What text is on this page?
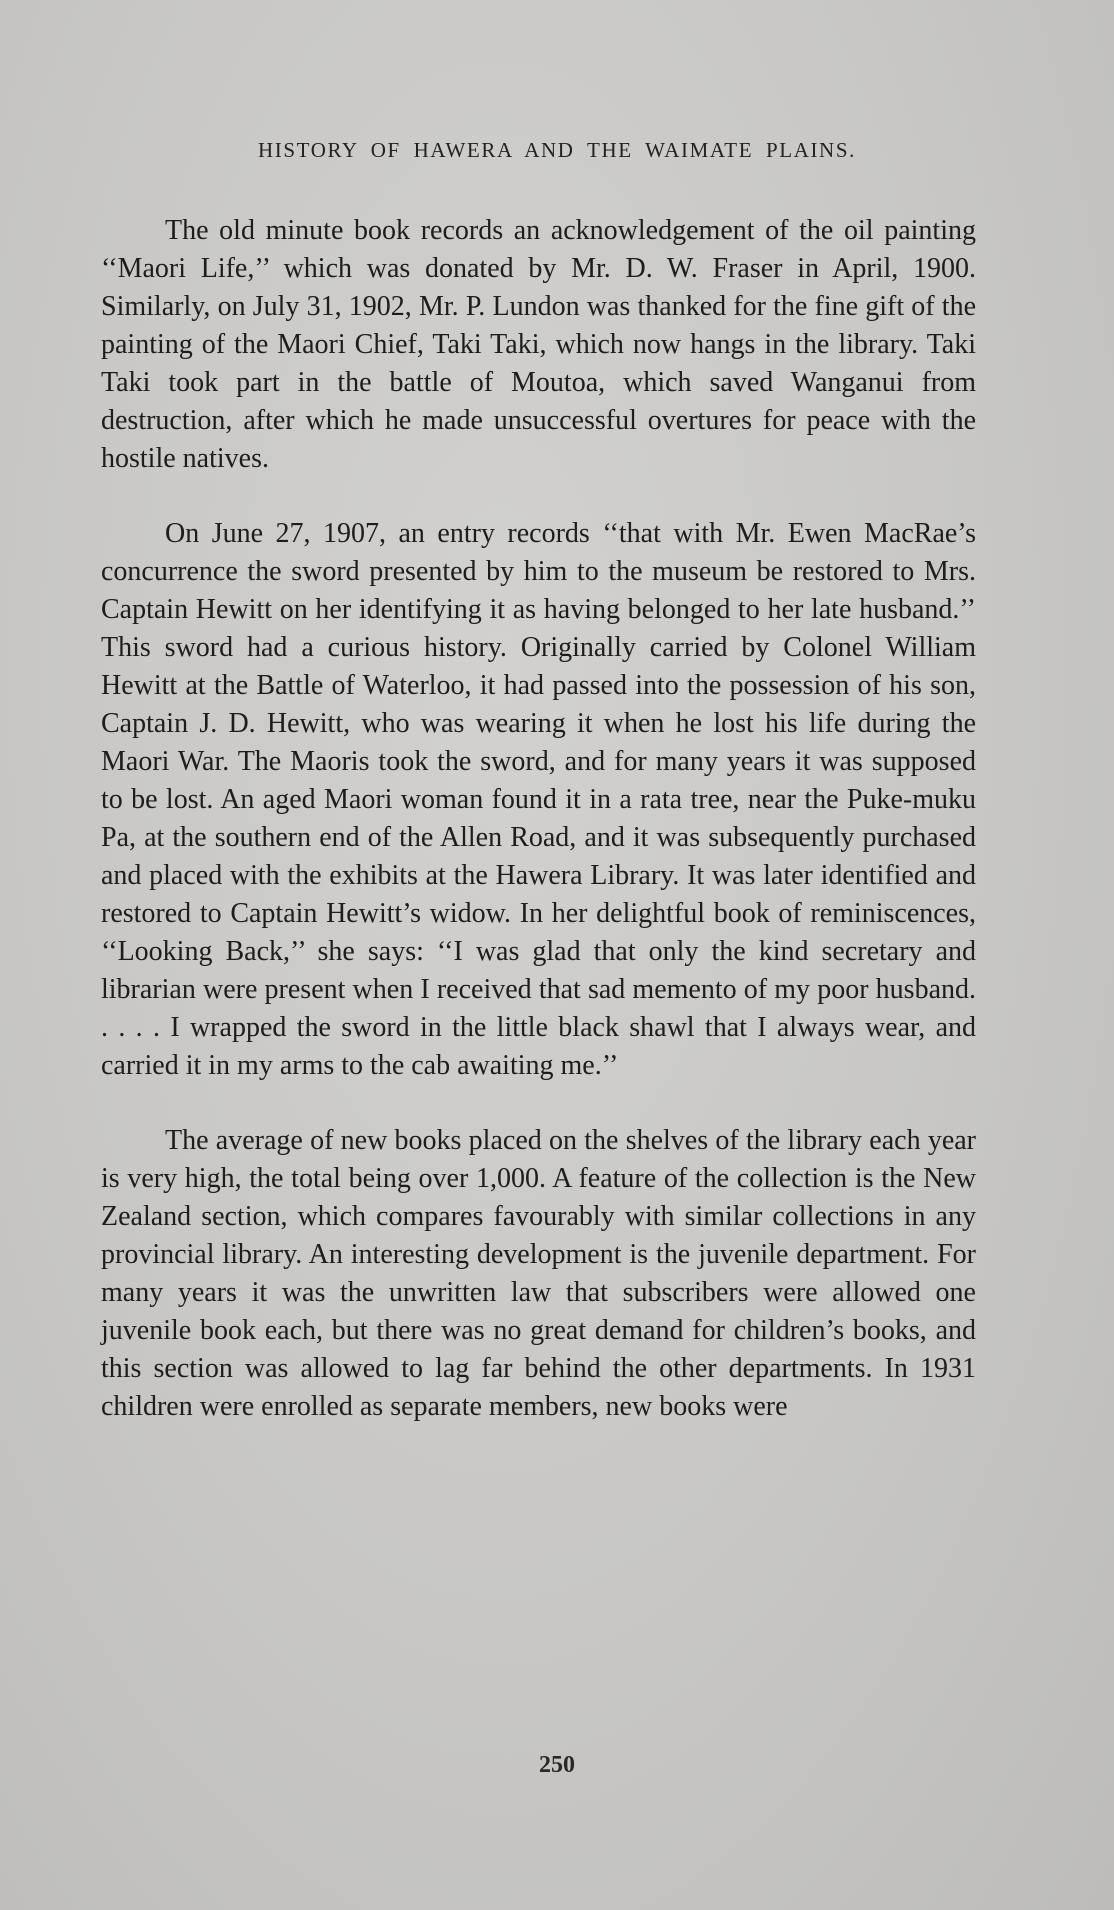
HISTORY OF HAWERA AND THE WAIMATE PLAINS.

The old minute book records an acknowledgement of the oil painting ‘‘Maori Life,’’ which was donated by Mr. D. W. Fraser in April, 1900. Similarly, on July 31, 1902, Mr. P. Lundon was thanked for the fine gift of the painting of the Maori Chief, Taki Taki, which now hangs in the library. Taki Taki took part in the battle of Moutoa, which saved Wanganui from destruction, after which he made unsuccessful overtures for peace with the hostile natives.

On June 27, 1907, an entry records ‘‘that with Mr. Ewen MacRae’s concurrence the sword presented by him to the museum be restored to Mrs. Captain Hewitt on her identifying it as having belonged to her late husband.’’ This sword had a curious history. Originally carried by Colonel William Hewitt at the Battle of Waterloo, it had passed into the possession of his son, Captain J. D. Hewitt, who was wearing it when he lost his life during the Maori War. The Maoris took the sword, and for many years it was supposed to be lost. An aged Maori woman found it in a rata tree, near the Puke-muku Pa, at the southern end of the Allen Road, and it was subsequently purchased and placed with the exhibits at the Hawera Library. It was later identified and restored to Captain Hewitt’s widow. In her delightful book of reminiscences, ‘‘Looking Back,’’ she says: ‘‘I was glad that only the kind secretary and librarian were present when I received that sad memento of my poor husband. . . . . I wrapped the sword in the little black shawl that I always wear, and carried it in my arms to the cab awaiting me.’’

The average of new books placed on the shelves of the library each year is very high, the total being over 1,000. A feature of the collection is the New Zealand section, which compares favourably with similar collections in any provincial library. An interesting development is the juvenile department. For many years it was the unwritten law that subscribers were allowed one juvenile book each, but there was no great demand for children’s books, and this section was allowed to lag far behind the other departments. In 1931 children were enrolled as separate members, new books were

250
